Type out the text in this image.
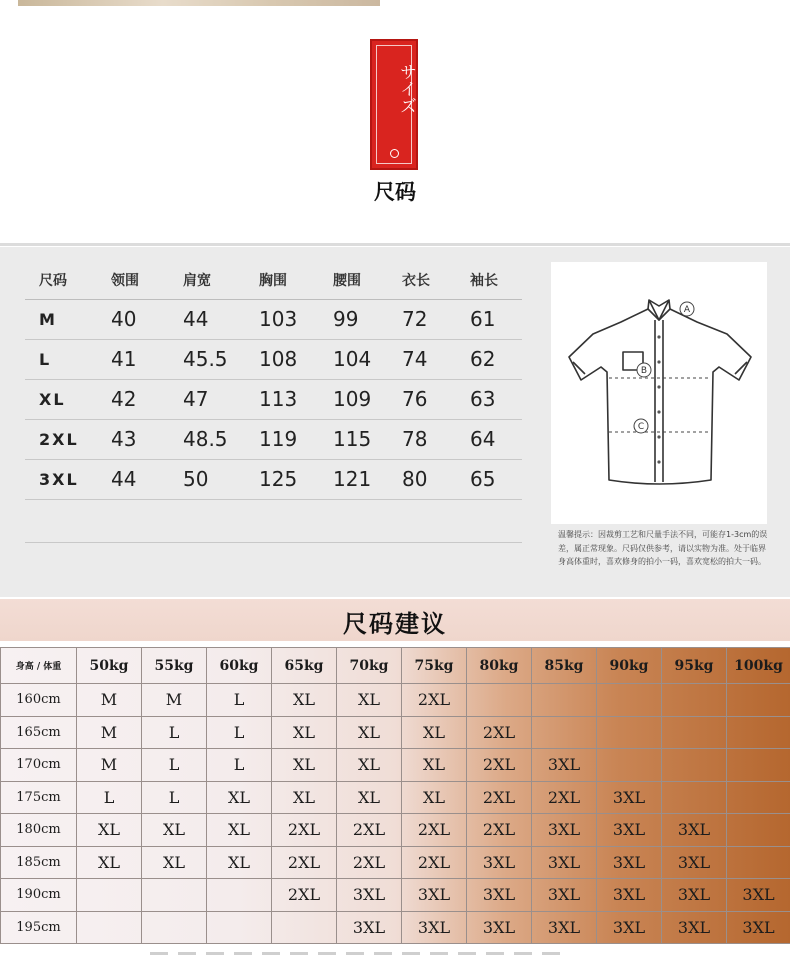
サイズ
尺码
尺码	领围	肩宽	胸围	腰围	衣长	袖长
M	40	44	103	99	72	61
L	41	45.5	108	104	74	62
XL	42	47	113	109	76	63
2XL	43	48.5	119	115	78	64
3XL	44	50	125	121	80	65
A
B
C
温馨提示：因裁剪工艺和尺量手法不同，可能存1-3cm的误差，属正常现象。尺码仅供参考，请以实物为准。处于临界身高体重时，喜欢修身的拍小一码，喜欢宽松的拍大一码。
尺码建议
身高 / 体重	50kg	55kg	60kg	65kg	70kg	75kg	80kg	85kg	90kg	95kg	100kg
160cm	M	M	L	XL	XL	2XL					
165cm	M	L	L	XL	XL	XL	2XL				
170cm	M	L	L	XL	XL	XL	2XL	3XL			
175cm	L	L	XL	XL	XL	XL	2XL	2XL	3XL		
180cm	XL	XL	XL	2XL	2XL	2XL	2XL	3XL	3XL	3XL	
185cm	XL	XL	XL	2XL	2XL	2XL	3XL	3XL	3XL	3XL	
190cm				2XL	3XL	3XL	3XL	3XL	3XL	3XL	3XL
195cm					3XL	3XL	3XL	3XL	3XL	3XL	3XL
